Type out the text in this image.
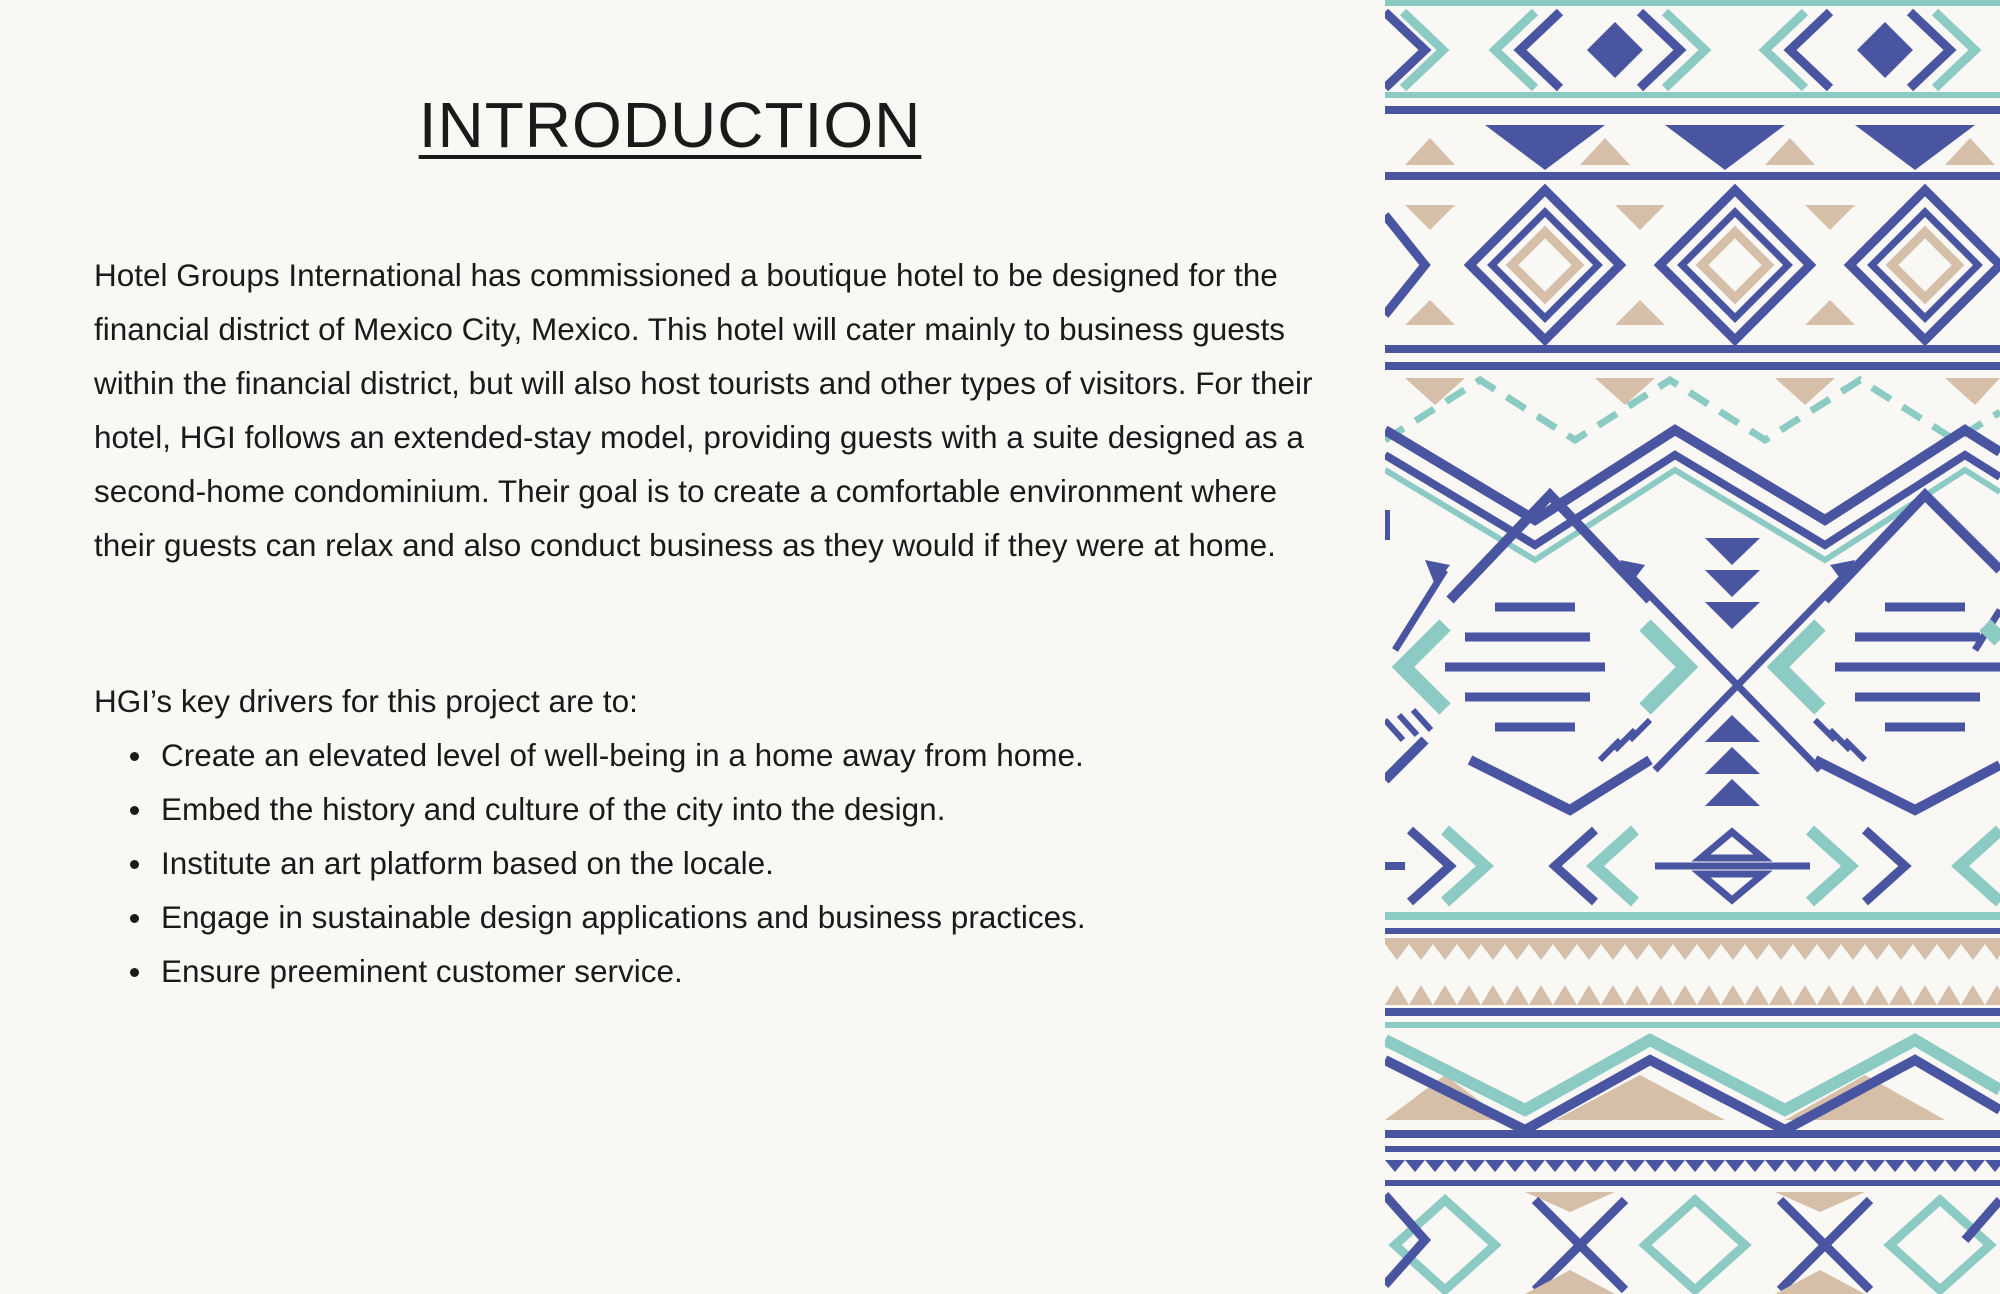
INTRODUCTION

Hotel Groups International has commissioned a boutique hotel to be designed for the financial district of Mexico City, Mexico. This hotel will cater mainly to business guests within the financial district, but will also host tourists and other types of visitors. For their hotel, HGI follows an extended-stay model, providing guests with a suite designed as a second-home condominium. Their goal is to create a comfortable environment where their guests can relax and also conduct business as they would if they were at home.

HGI’s key drivers for this project are to:

Create an elevated level of well-being in a home away from home.
Embed the history and culture of the city into the design.
Institute an art platform based on the locale.
Engage in sustainable design applications and business practices.
Ensure preeminent customer service.
